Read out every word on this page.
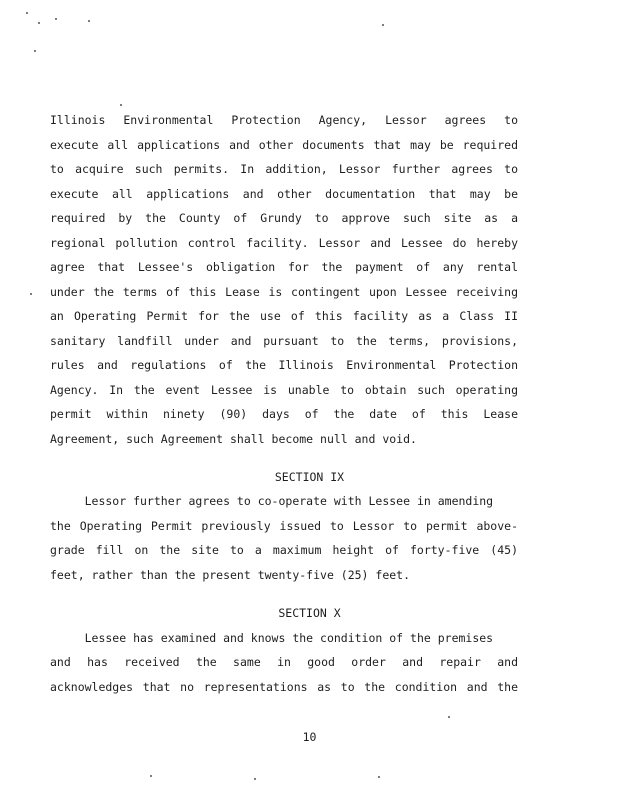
Illinois Environmental Protection Agency, Lessor agrees to
execute all applications and other documents that may be required
to acquire such permits. In addition, Lessor further agrees to
execute all applications and other documentation that may be
required by the County of Grundy to approve such site as a
regional pollution control facility. Lessor and Lessee do hereby
agree that Lessee's obligation for the payment of any rental
under the terms of this Lease is contingent upon Lessee receiving
an Operating Permit for the use of this facility as a Class II
sanitary landfill under and pursuant to the terms, provisions,
rules and regulations of the Illinois Environmental Protection
Agency. In the event Lessee is unable to obtain such operating
permit within ninety (90) days of the date of this Lease
Agreement, such Agreement shall become null and void.
SECTION IX
Lessor further agrees to co-operate with Lessee in amending
the Operating Permit previously issued to Lessor to permit above-
grade fill on the site to a maximum height of forty-five (45)
feet, rather than the present twenty-five (25) feet.
SECTION X
Lessee has examined and knows the condition of the premises
and has received the same in good order and repair and
acknowledges that no representations as to the condition and the
10
